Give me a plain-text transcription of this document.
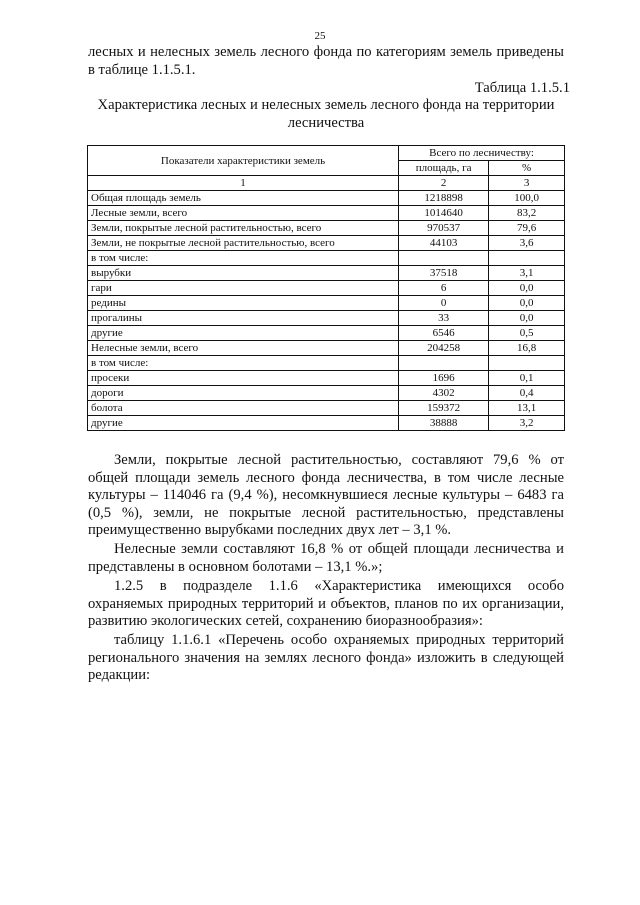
25

лесных и нелесных земель лесного фонда по категориям земель приведены в таблице 1.1.5.1.

Таблица 1.1.5.1
Характеристика лесных и нелесных земель лесного фонда на территории лесничества
Показатели характеристики земель	Всего по лесничеству:	
	площадь, га	%
1	2	3
Общая площадь земель	1218898	100,0
Лесные земли, всего	1014640	83,2
Земли, покрытые лесной растительностью, всего	970537	79,6
Земли, не покрытые лесной растительностью, всего	44103	3,6
в том числе:		
вырубки	37518	3,1
гари	6	0,0
редины	0	0,0
прогалины	33	0,0
другие	6546	0,5
Нелесные земли, всего	204258	16,8
в том числе:		
просеки	1696	0,1
дороги	4302	0,4
болота	159372	13,1
другие	38888	3,2

Земли, покрытые лесной растительностью, составляют 79,6 % от общей площади земель лесного фонда лесничества, в том числе лесные культуры – 114046 га (9,4 %), несомкнувшиеся лесные культуры – 6483 га (0,5 %), земли, не покрытые лесной растительностью, представлены преимущественно вырубками последних двух лет – 3,1 %.

Нелесные земли составляют 16,8 % от общей площади лесничества и представлены в основном болотами – 13,1 %.»;

1.2.5 в подразделе 1.1.6 «Характеристика имеющихся особо охраняемых природных территорий и объектов, планов по их организации, развитию экологических сетей, сохранению биоразнообразия»:

таблицу 1.1.6.1 «Перечень особо охраняемых природных территорий регионального значения на землях лесного фонда» изложить в следующей редакции:
